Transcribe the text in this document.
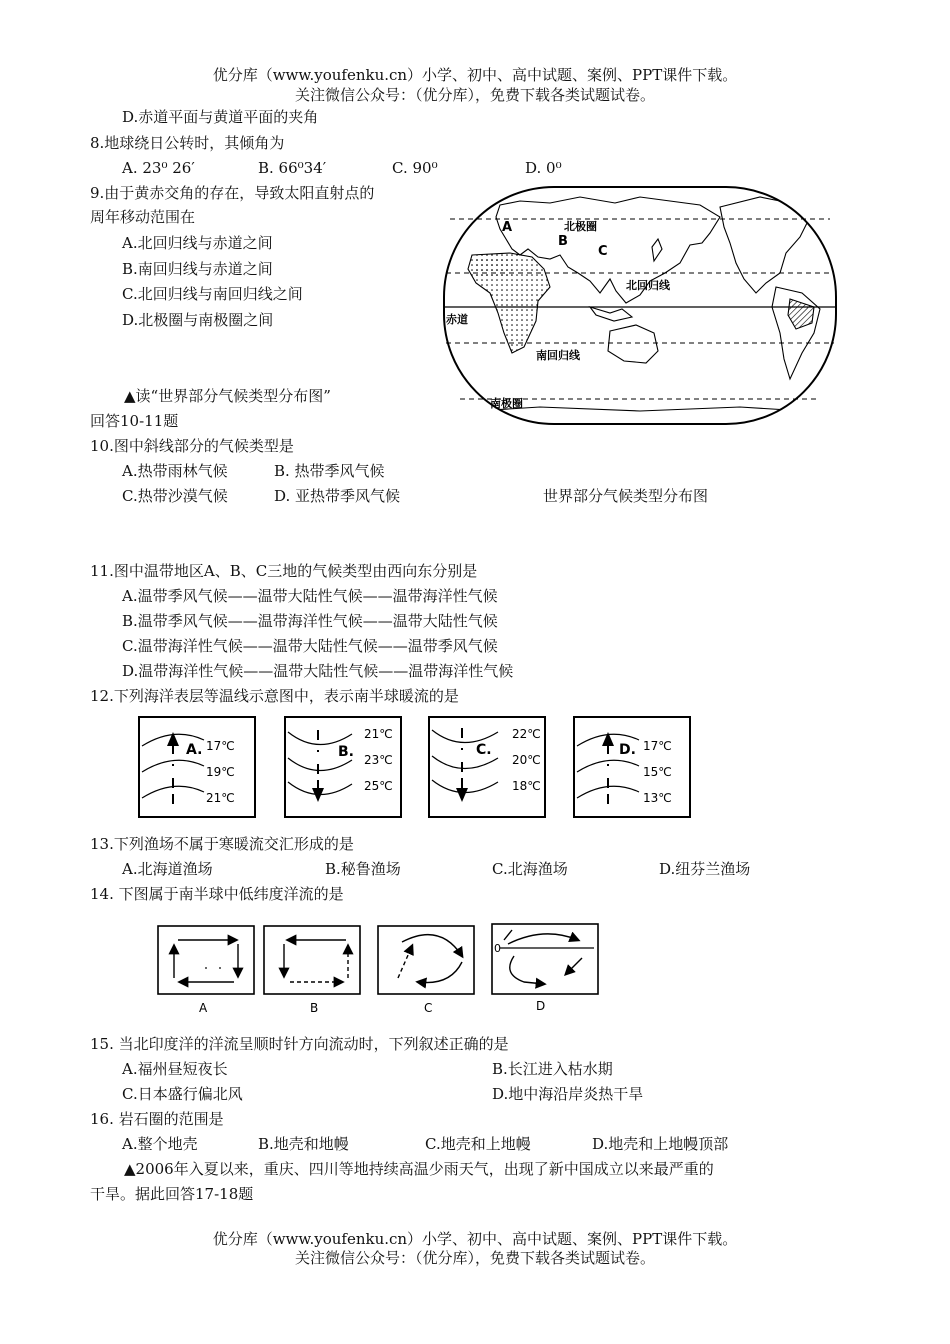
优分库（www.youfenku.cn）小学、初中、高中试题、案例、PPT课件下载。
关注微信公众号：（优分库），免费下载各类试题试卷。
D.赤道平面与黄道平面的夹角
8.地球绕日公转时，其倾角为
A. 23⁰ 26′	B. 66⁰34′	C. 90⁰	D. 0⁰
9.由于黄赤交角的存在，导致太阳直射点的
周年移动范围在
A.北回归线与赤道之间
B.南回归线与赤道之间
C.北回归线与南回归线之间
D.北极圈与南极圈之间
▲读“世界部分气候类型分布图”
回答10-11题
A
B
C
北极圈
北回归线
赤道
南回归线
南极圈
10.图中斜线部分的气候类型是
A.热带雨林气候	B. 热带季风气候
C.热带沙漠气候	D. 亚热带季风气候	世界部分气候类型分布图
11.图中温带地区A、B、C三地的气候类型由西向东分别是
A.温带季风气候——温带大陆性气候——温带海洋性气候
B.温带季风气候——温带海洋性气候——温带大陆性气候
C.温带海洋性气候——温带大陆性气候——温带季风气候
D.温带海洋性气候——温带大陆性气候——温带海洋性气候
12.下列海洋表层等温线示意图中，表示南半球暖流的是
A. 17℃
19℃
21℃
B.
21℃
23℃
25℃
C.
22℃
20℃
18℃
D. 17℃
15℃
13℃
13.下列渔场不属于寒暖流交汇形成的是
A.北海道渔场	B.秘鲁渔场	C.北海渔场	D.纽芬兰渔场
14. 下图属于南半球中低纬度洋流的是
A	B	C
0
D
15. 当北印度洋的洋流呈顺时针方向流动时，下列叙述正确的是
A.福州昼短夜长	B.长江进入枯水期
C.日本盛行偏北风	D.地中海沿岸炎热干旱
16. 岩石圈的范围是
A.整个地壳	B.地壳和地幔	C.地壳和上地幔	D.地壳和上地幔顶部
▲2006年入夏以来，重庆、四川等地持续高温少雨天气，出现了新中国成立以来最严重的
干旱。据此回答17-18题
优分库（www.youfenku.cn）小学、初中、高中试题、案例、PPT课件下载。
关注微信公众号：（优分库），免费下载各类试题试卷。
